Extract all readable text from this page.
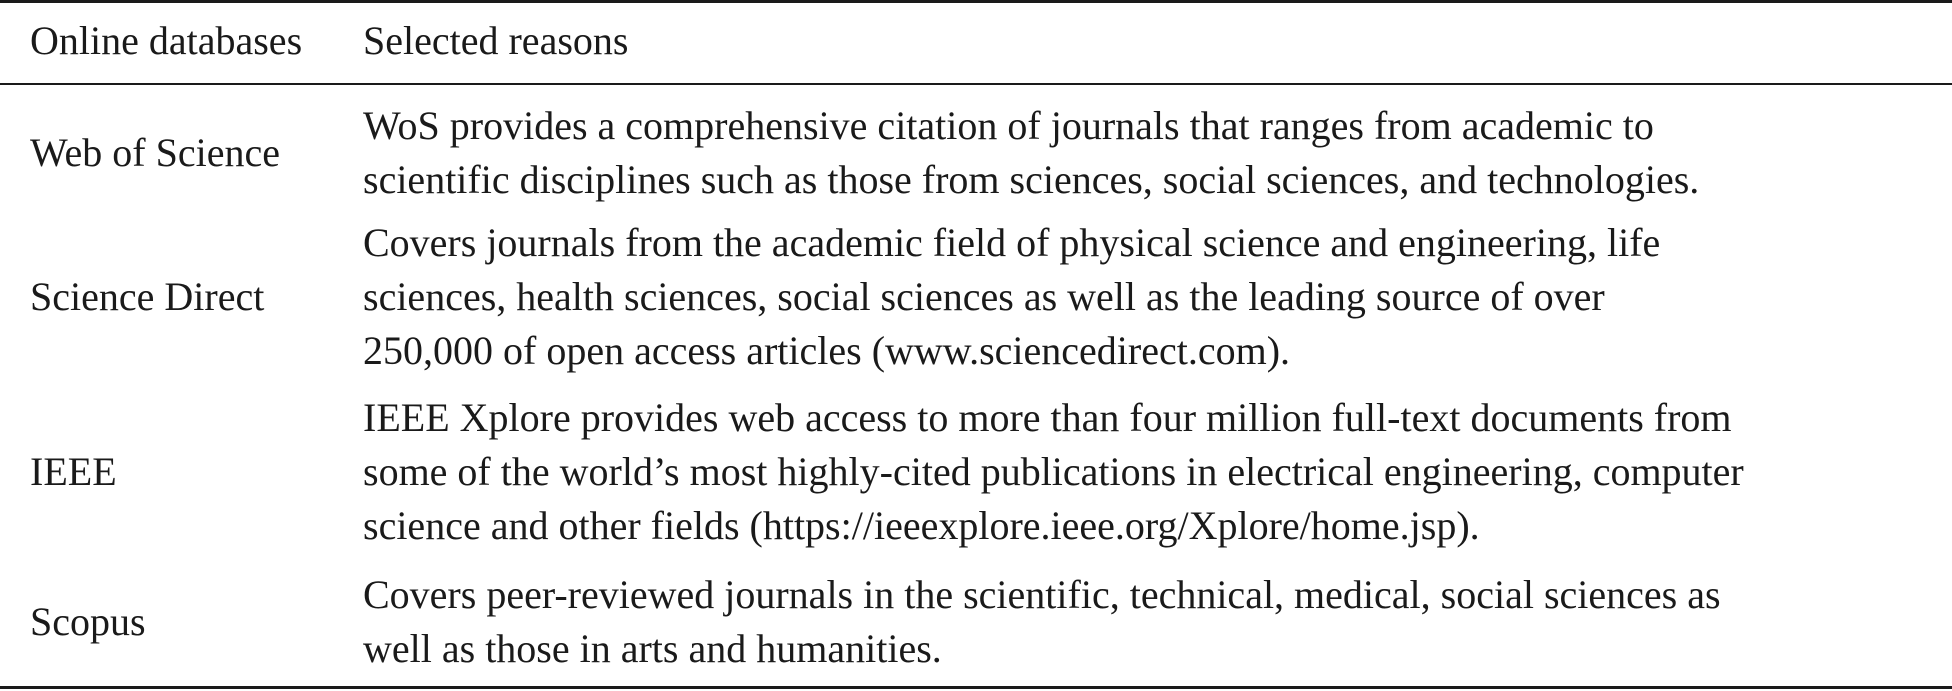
Online databases Selected reasons
Web of Science
WoS provides a comprehensive citation of journals that ranges from academic to
scientific disciplines such as those from sciences, social sciences, and technologies.
Science Direct
Covers journals from the academic field of physical science and engineering, life
sciences, health sciences, social sciences as well as the leading source of over
250,000 of open access articles (www.sciencedirect.com).
IEEE
IEEE Xplore provides web access to more than four million full-text documents from
some of the world’s most highly-cited publications in electrical engineering, computer
science and other fields (https://ieeexplore.ieee.org/Xplore/home.jsp).
Scopus
Covers peer-reviewed journals in the scientific, technical, medical, social sciences as
well as those in arts and humanities.
